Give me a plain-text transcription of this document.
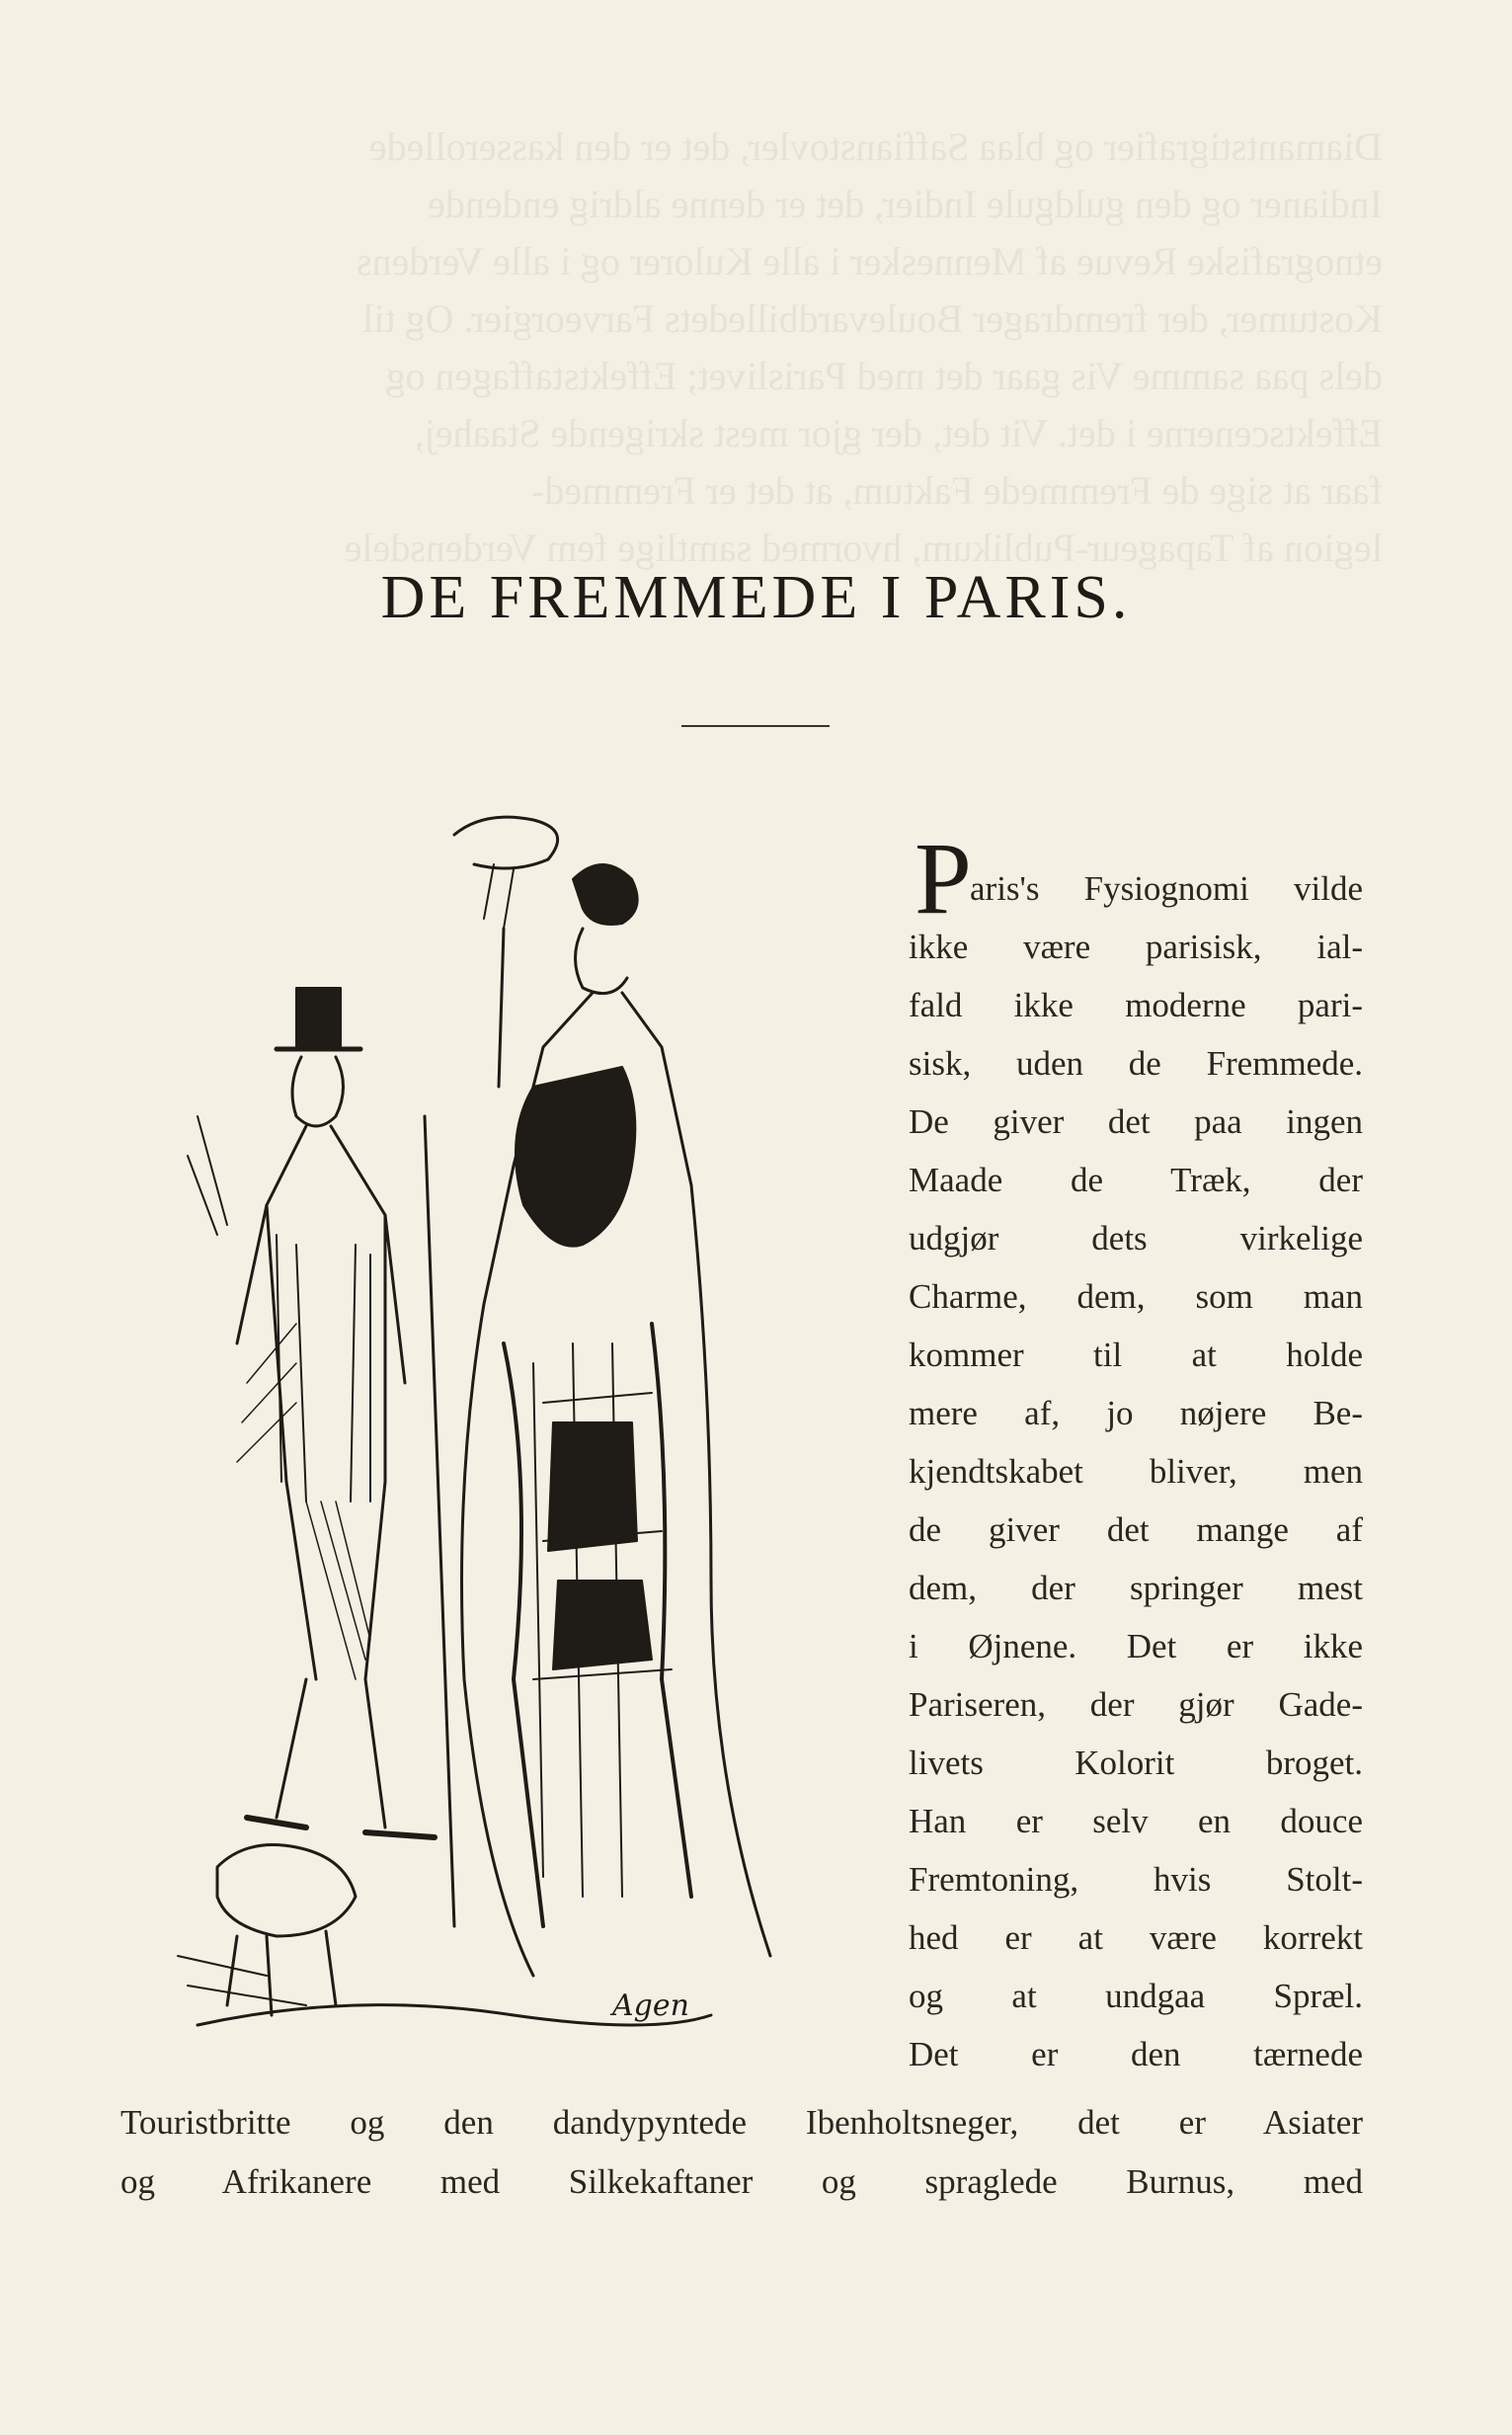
Diamantstigrafier og blaa Saffianstovler, det er den kasserollede
Indianer og den guldgule Indier, det er denne aldrig endende
etnografiske Revue af Mennesker i alle Kulorer og i alle Verdens
Kostumer, der fremdrager Boulevardbilledets Farveorgier. Og til
dels paa samme Vis gaar det med Parislivet; Effektstaffagen og
Effektscenerne i det. Vit det, der gjor mest skrigende Staahej,
faar at sige de Fremmede Faktum, at det er Fremmed-
legion af Tapageur-Publikum, hvormed samtlige fem Verdensdele
DE FREMMEDE I PARIS.
Agen
P
aris's Fysiognomi vilde
ikke være parisisk, ial-
fald ikke moderne pari-
sisk, uden de Fremmede.
De giver det paa ingen
Maade de Træk, der
udgjør dets virkelige
Charme, dem, som man
kommer til at holde
mere af, jo nøjere Be-
kjendtskabet bliver, men
de giver det mange af
dem, der springer mest
i Øjnene. Det er ikke
Pariseren, der gjør Gade-
livets Kolorit broget.
Han er selv en douce
Fremtoning, hvis Stolt-
hed er at være korrekt
og at undgaa Spræl.
Det er den tærnede
Touristbritte og den dandypyntede Ibenholtsneger, det er Asiater
og Afrikanere med Silkekaftaner og spraglede Burnus, med
